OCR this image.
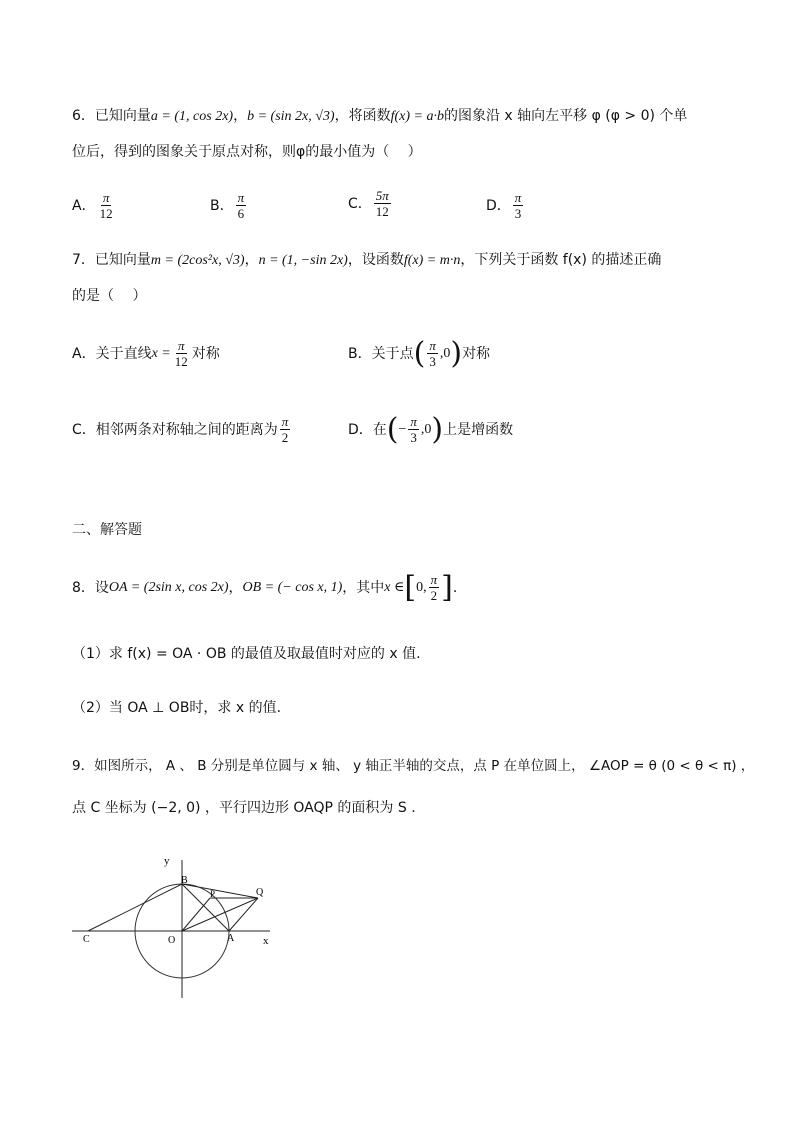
6．已知向量a = (1, cos 2x)，b = (sin 2x, √3)，将函数f(x) = a·b的图象沿 x 轴向左平移 φ (φ > 0) 个单
位后，得到的图象关于原点对称，则φ的最小值为（　 ）
A． $\frac{\pi}{12}$	B． $\frac{\pi}{6}$	C． $\frac{5\pi}{12}$	D． $\frac{\pi}{3}$
7．已知向量m = (2cos²x, √3)，n = (1, −sin 2x)，设函数f(x) = m·n，下列关于函数 f(x) 的描述正确
的是（　 ）
A．关于直线 $x = \frac{\pi}{12}$ 对称	B．关于点 ( $\frac{\pi}{3} ,0$ ) 对称
C．相邻两条对称轴之间的距离为 $\frac{\pi}{2}$	D．在 ( − $\frac{\pi}{3} ,0$ ) 上是增函数
二、解答题
8．设 OA = (2sin x, cos 2x) ， OB = (− cos x, 1) ，其中 x ∈ [ 0, $\frac{\pi}{2}$ ] .
（1）求 f(x) = OA · OB 的最值及取最值时对应的 x 值.
（2）当 OA ⊥ OB时，求 x 的值.
9．如图所示， A 、 B 分别是单位圆与 x 轴、 y 轴正半轴的交点，点 P 在单位圆上， ∠AOP = θ (0 < θ < π) ，
点 C 坐标为 (−2, 0) ，平行四边形 OAQP 的面积为 S .
y
B
P	Q
C	O	A	x
